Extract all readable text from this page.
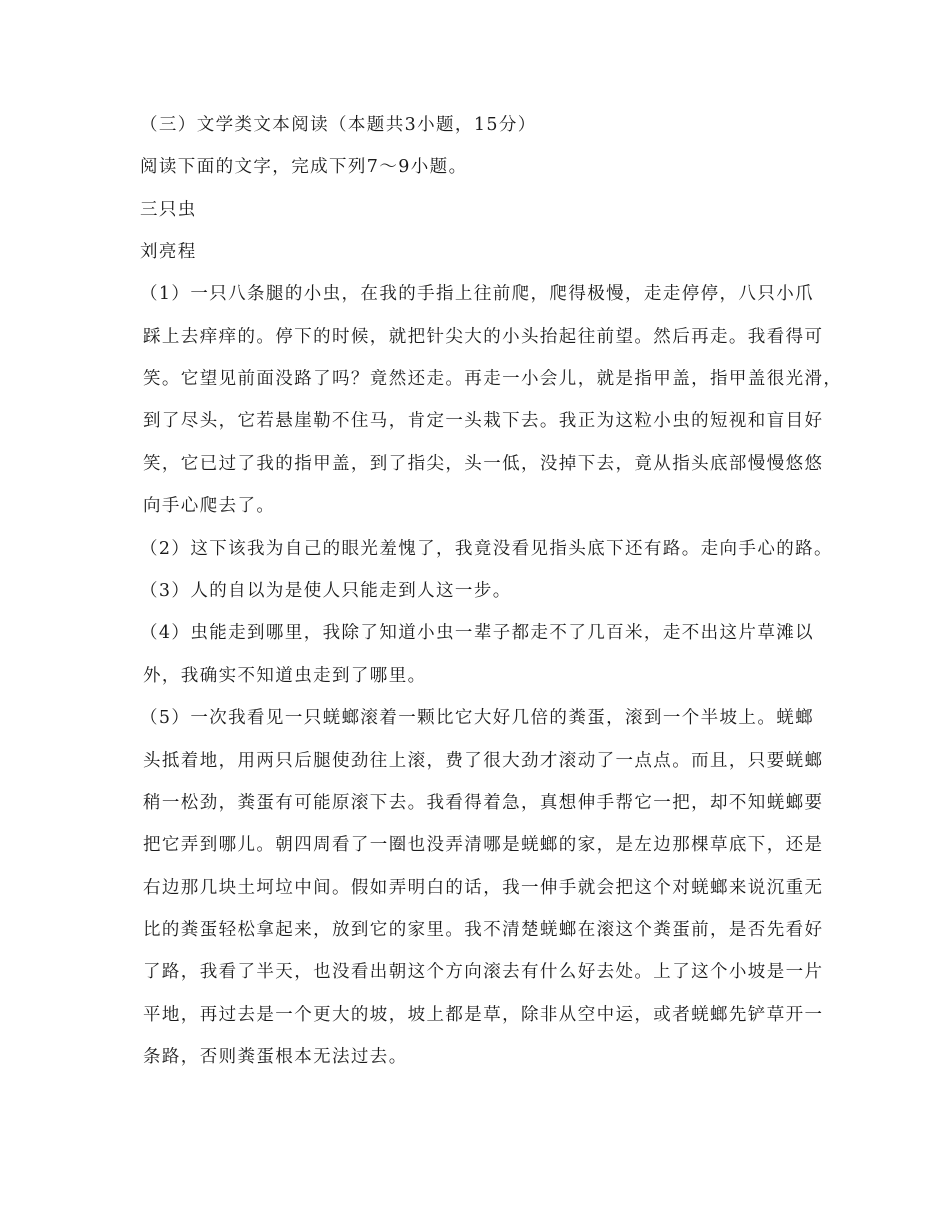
（三）文学类文本阅读（本题共3小题，15分）
阅读下面的文字，完成下列7～9小题。
三只虫
刘亮程
（1）一只八条腿的小虫，在我的手指上往前爬，爬得极慢，走走停停，八只小爪
踩上去痒痒的。停下的时候，就把针尖大的小头抬起往前望。然后再走。我看得可
笑。它望见前面没路了吗？竟然还走。再走一小会儿，就是指甲盖，指甲盖很光滑，
到了尽头，它若悬崖勒不住马，肯定一头栽下去。我正为这粒小虫的短视和盲目好
笑，它已过了我的指甲盖，到了指尖，头一低，没掉下去，竟从指头底部慢慢悠悠
向手心爬去了。
（2）这下该我为自己的眼光羞愧了，我竟没看见指头底下还有路。走向手心的路。
（3）人的自以为是使人只能走到人这一步。
（4）虫能走到哪里，我除了知道小虫一辈子都走不了几百米，走不出这片草滩以
外，我确实不知道虫走到了哪里。
（5）一次我看见一只蜣螂滚着一颗比它大好几倍的粪蛋，滚到一个半坡上。蜣螂
头抵着地，用两只后腿使劲往上滚，费了很大劲才滚动了一点点。而且，只要蜣螂
稍一松劲，粪蛋有可能原滚下去。我看得着急，真想伸手帮它一把，却不知蜣螂要
把它弄到哪儿。朝四周看了一圈也没弄清哪是蜣螂的家，是左边那棵草底下，还是
右边那几块土坷垃中间。假如弄明白的话，我一伸手就会把这个对蜣螂来说沉重无
比的粪蛋轻松拿起来，放到它的家里。我不清楚蜣螂在滚这个粪蛋前，是否先看好
了路，我看了半天，也没看出朝这个方向滚去有什么好去处。上了这个小坡是一片
平地，再过去是一个更大的坡，坡上都是草，除非从空中运，或者蜣螂先铲草开一
条路，否则粪蛋根本无法过去。
